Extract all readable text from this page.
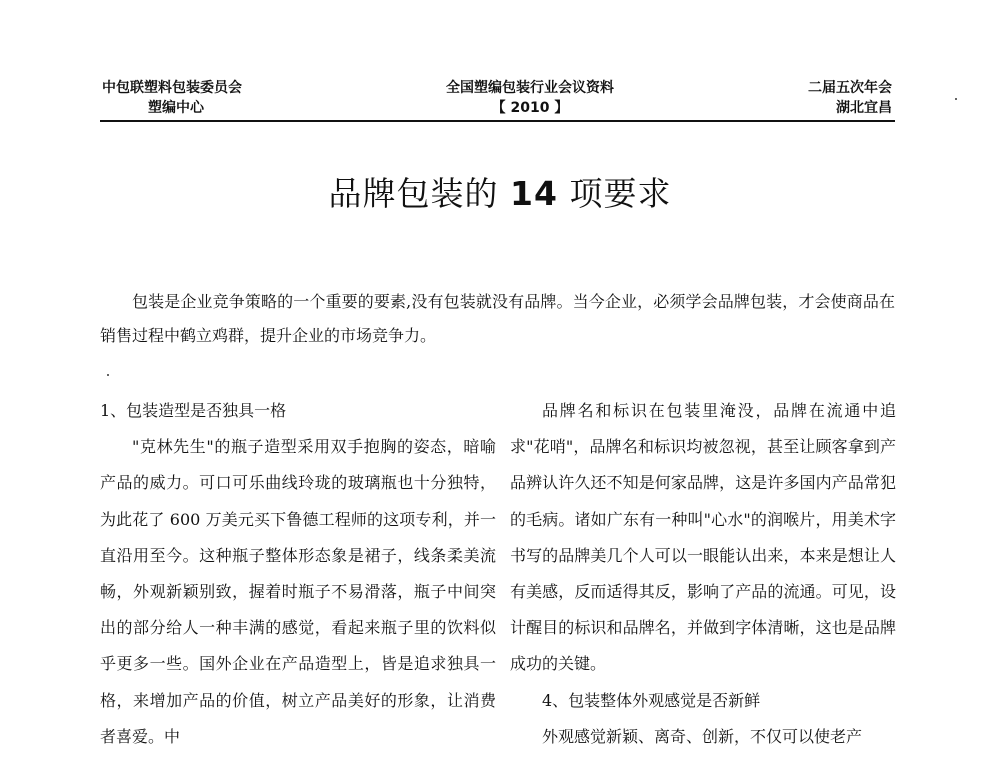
中包联塑料包装委员会
塑编中心
全国塑编包装行业会议资料
【 2010 】
二届五次年会
湖北宜昌
品牌包装的 14 项要求

包装是企业竞争策略的一个重要的要素,没有包装就没有品牌。当今企业，必须学会品牌包装，才会使商品在销售过程中鹤立鸡群，提升企业的市场竞争力。

1、包装造型是否独具一格

"克林先生"的瓶子造型采用双手抱胸的姿态，暗喻产品的威力。可口可乐曲线玲珑的玻璃瓶也十分独特，为此花了 600 万美元买下鲁德工程师的这项专利，并一直沿用至今。这种瓶子整体形态象是裙子，线条柔美流畅，外观新颖别致，握着时瓶子不易滑落，瓶子中间突出的部分给人一种丰满的感觉，看起来瓶子里的饮料似乎更多一些。国外企业在产品造型上，皆是追求独具一格，来增加产品的价值，树立产品美好的形象，让消费者喜爱。中

品牌名和标识在包装里淹没，品牌在流通中追求"花哨"，品牌名和标识均被忽视，甚至让顾客拿到产品辨认许久还不知是何家品牌，这是许多国内产品常犯的毛病。诸如广东有一种叫"心水"的润喉片，用美术字书写的品牌美几个人可以一眼能认出来，本来是想让人有美感，反而适得其反，影响了产品的流通。可见，设计醒目的标识和品牌名，并做到字体清晰，这也是品牌成功的关键。

4、包装整体外观感觉是否新鲜

外观感觉新颖、离奇、创新，不仅可以使老产
